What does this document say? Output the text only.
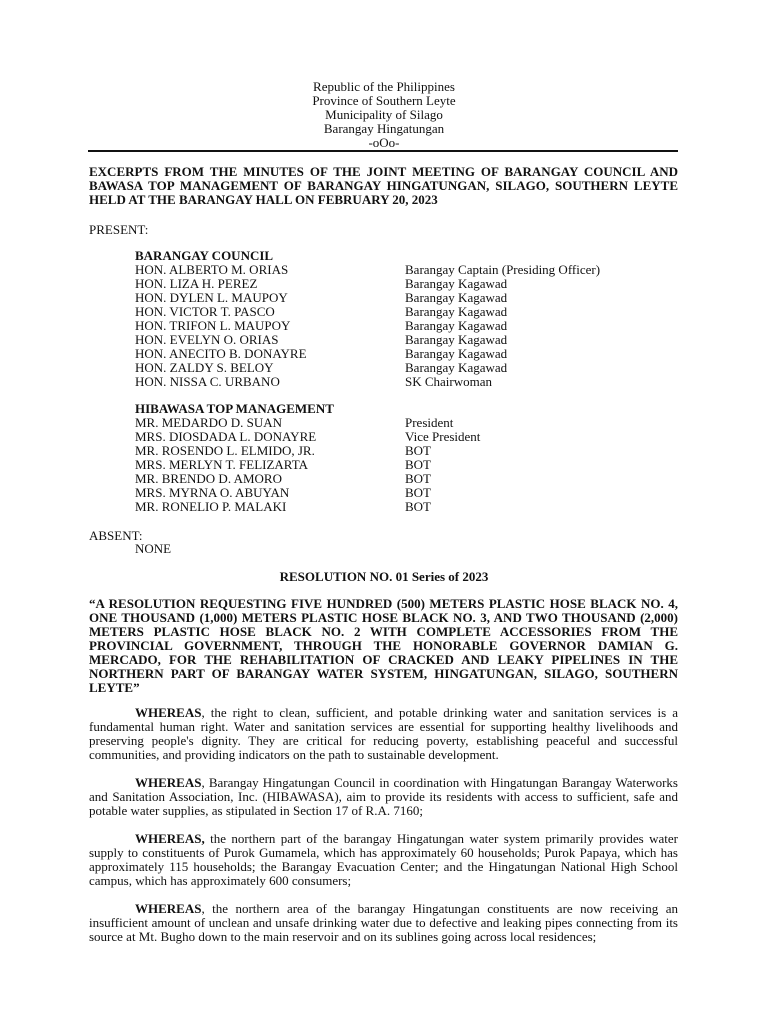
Republic of the Philippines
Province of Southern Leyte
Municipality of Silago
Barangay Hingatungan
-oOo-
EXCERPTS FROM THE MINUTES OF THE JOINT MEETING OF BARANGAY COUNCIL AND BAWASA TOP MANAGEMENT OF BARANGAY HINGATUNGAN, SILAGO, SOUTHERN LEYTE HELD AT THE BARANGAY HALL ON FEBRUARY 20, 2023
PRESENT:
BARANGAY COUNCIL
HON. ALBERTO M. ORIAS	Barangay Captain (Presiding Officer)
HON. LIZA H. PEREZ	Barangay Kagawad
HON. DYLEN L. MAUPOY	Barangay Kagawad
HON. VICTOR T. PASCO	Barangay Kagawad
HON. TRIFON L. MAUPOY	Barangay Kagawad
HON. EVELYN O. ORIAS	Barangay Kagawad
HON. ANECITO B. DONAYRE	Barangay Kagawad
HON. ZALDY S. BELOY	Barangay Kagawad
HON. NISSA C. URBANO	SK Chairwoman
HIBAWASA TOP MANAGEMENT
MR. MEDARDO D. SUAN	President
MRS. DIOSDADA L. DONAYRE	Vice President
MR. ROSENDO L. ELMIDO, JR.	BOT
MRS. MERLYN T. FELIZARTA	BOT
MR. BRENDO D. AMORO	BOT
MRS. MYRNA O. ABUYAN	BOT
MR. RONELIO P. MALAKI	BOT
ABSENT:
NONE
RESOLUTION NO. 01 Series of 2023
“A RESOLUTION REQUESTING FIVE HUNDRED (500) METERS PLASTIC HOSE BLACK NO. 4, ONE THOUSAND (1,000) METERS PLASTIC HOSE BLACK NO. 3, AND TWO THOUSAND (2,000) METERS PLASTIC HOSE BLACK NO. 2 WITH COMPLETE ACCESSORIES FROM THE PROVINCIAL GOVERNMENT, THROUGH THE HONORABLE GOVERNOR DAMIAN G. MERCADO, FOR THE REHABILITATION OF CRACKED AND LEAKY PIPELINES IN THE NORTHERN PART OF BARANGAY WATER SYSTEM, HINGATUNGAN, SILAGO, SOUTHERN LEYTE”
WHEREAS, the right to clean, sufficient, and potable drinking water and sanitation services is a fundamental human right. Water and sanitation services are essential for supporting healthy livelihoods and preserving people's dignity. They are critical for reducing poverty, establishing peaceful and successful communities, and providing indicators on the path to sustainable development.
WHEREAS, Barangay Hingatungan Council in coordination with Hingatungan Barangay Waterworks and Sanitation Association, Inc. (HIBAWASA), aim to provide its residents with access to sufficient, safe and potable water supplies, as stipulated in Section 17 of R.A. 7160;
WHEREAS, the northern part of the barangay Hingatungan water system primarily provides water supply to constituents of Purok Gumamela, which has approximately 60 households; Purok Papaya, which has approximately 115 households; the Barangay Evacuation Center; and the Hingatungan National High School campus, which has approximately 600 consumers;
WHEREAS, the northern area of the barangay Hingatungan constituents are now receiving an insufficient amount of unclean and unsafe drinking water due to defective and leaking pipes connecting from its source at Mt. Bugho down to the main reservoir and on its sublines going across local residences;
